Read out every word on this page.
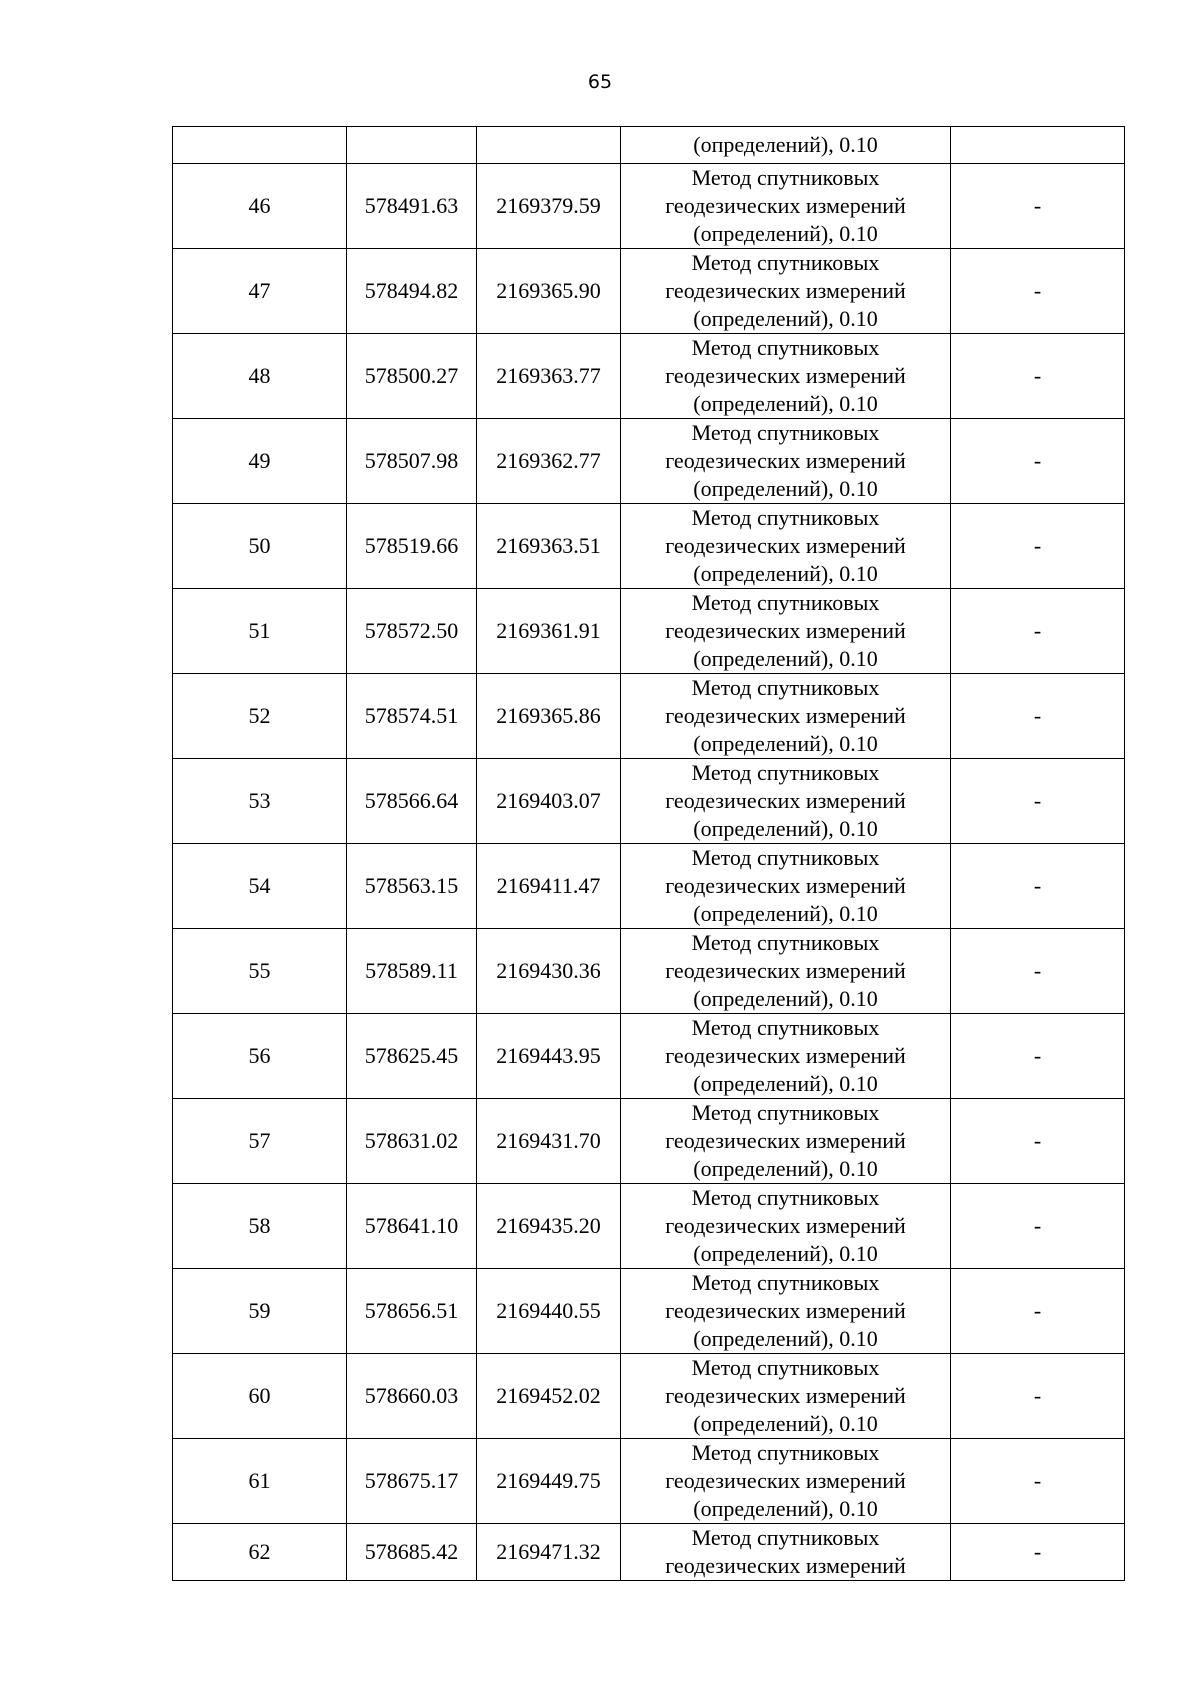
65

			(определений), 0.10	

46	578491.63	2169379.59	Метод спутниковых
геодезических измерений
(определений), 0.10	-
47	578494.82	2169365.90	Метод спутниковых
геодезических измерений
(определений), 0.10	-
48	578500.27	2169363.77	Метод спутниковых
геодезических измерений
(определений), 0.10	-
49	578507.98	2169362.77	Метод спутниковых
геодезических измерений
(определений), 0.10	-
50	578519.66	2169363.51	Метод спутниковых
геодезических измерений
(определений), 0.10	-
51	578572.50	2169361.91	Метод спутниковых
геодезических измерений
(определений), 0.10	-
52	578574.51	2169365.86	Метод спутниковых
геодезических измерений
(определений), 0.10	-
53	578566.64	2169403.07	Метод спутниковых
геодезических измерений
(определений), 0.10	-
54	578563.15	2169411.47	Метод спутниковых
геодезических измерений
(определений), 0.10	-
55	578589.11	2169430.36	Метод спутниковых
геодезических измерений
(определений), 0.10	-
56	578625.45	2169443.95	Метод спутниковых
геодезических измерений
(определений), 0.10	-
57	578631.02	2169431.70	Метод спутниковых
геодезических измерений
(определений), 0.10	-
58	578641.10	2169435.20	Метод спутниковых
геодезических измерений
(определений), 0.10	-
59	578656.51	2169440.55	Метод спутниковых
геодезических измерений
(определений), 0.10	-
60	578660.03	2169452.02	Метод спутниковых
геодезических измерений
(определений), 0.10	-
61	578675.17	2169449.75	Метод спутниковых
геодезических измерений
(определений), 0.10	-
62	578685.42	2169471.32	Метод спутниковых
геодезических измерений	-
